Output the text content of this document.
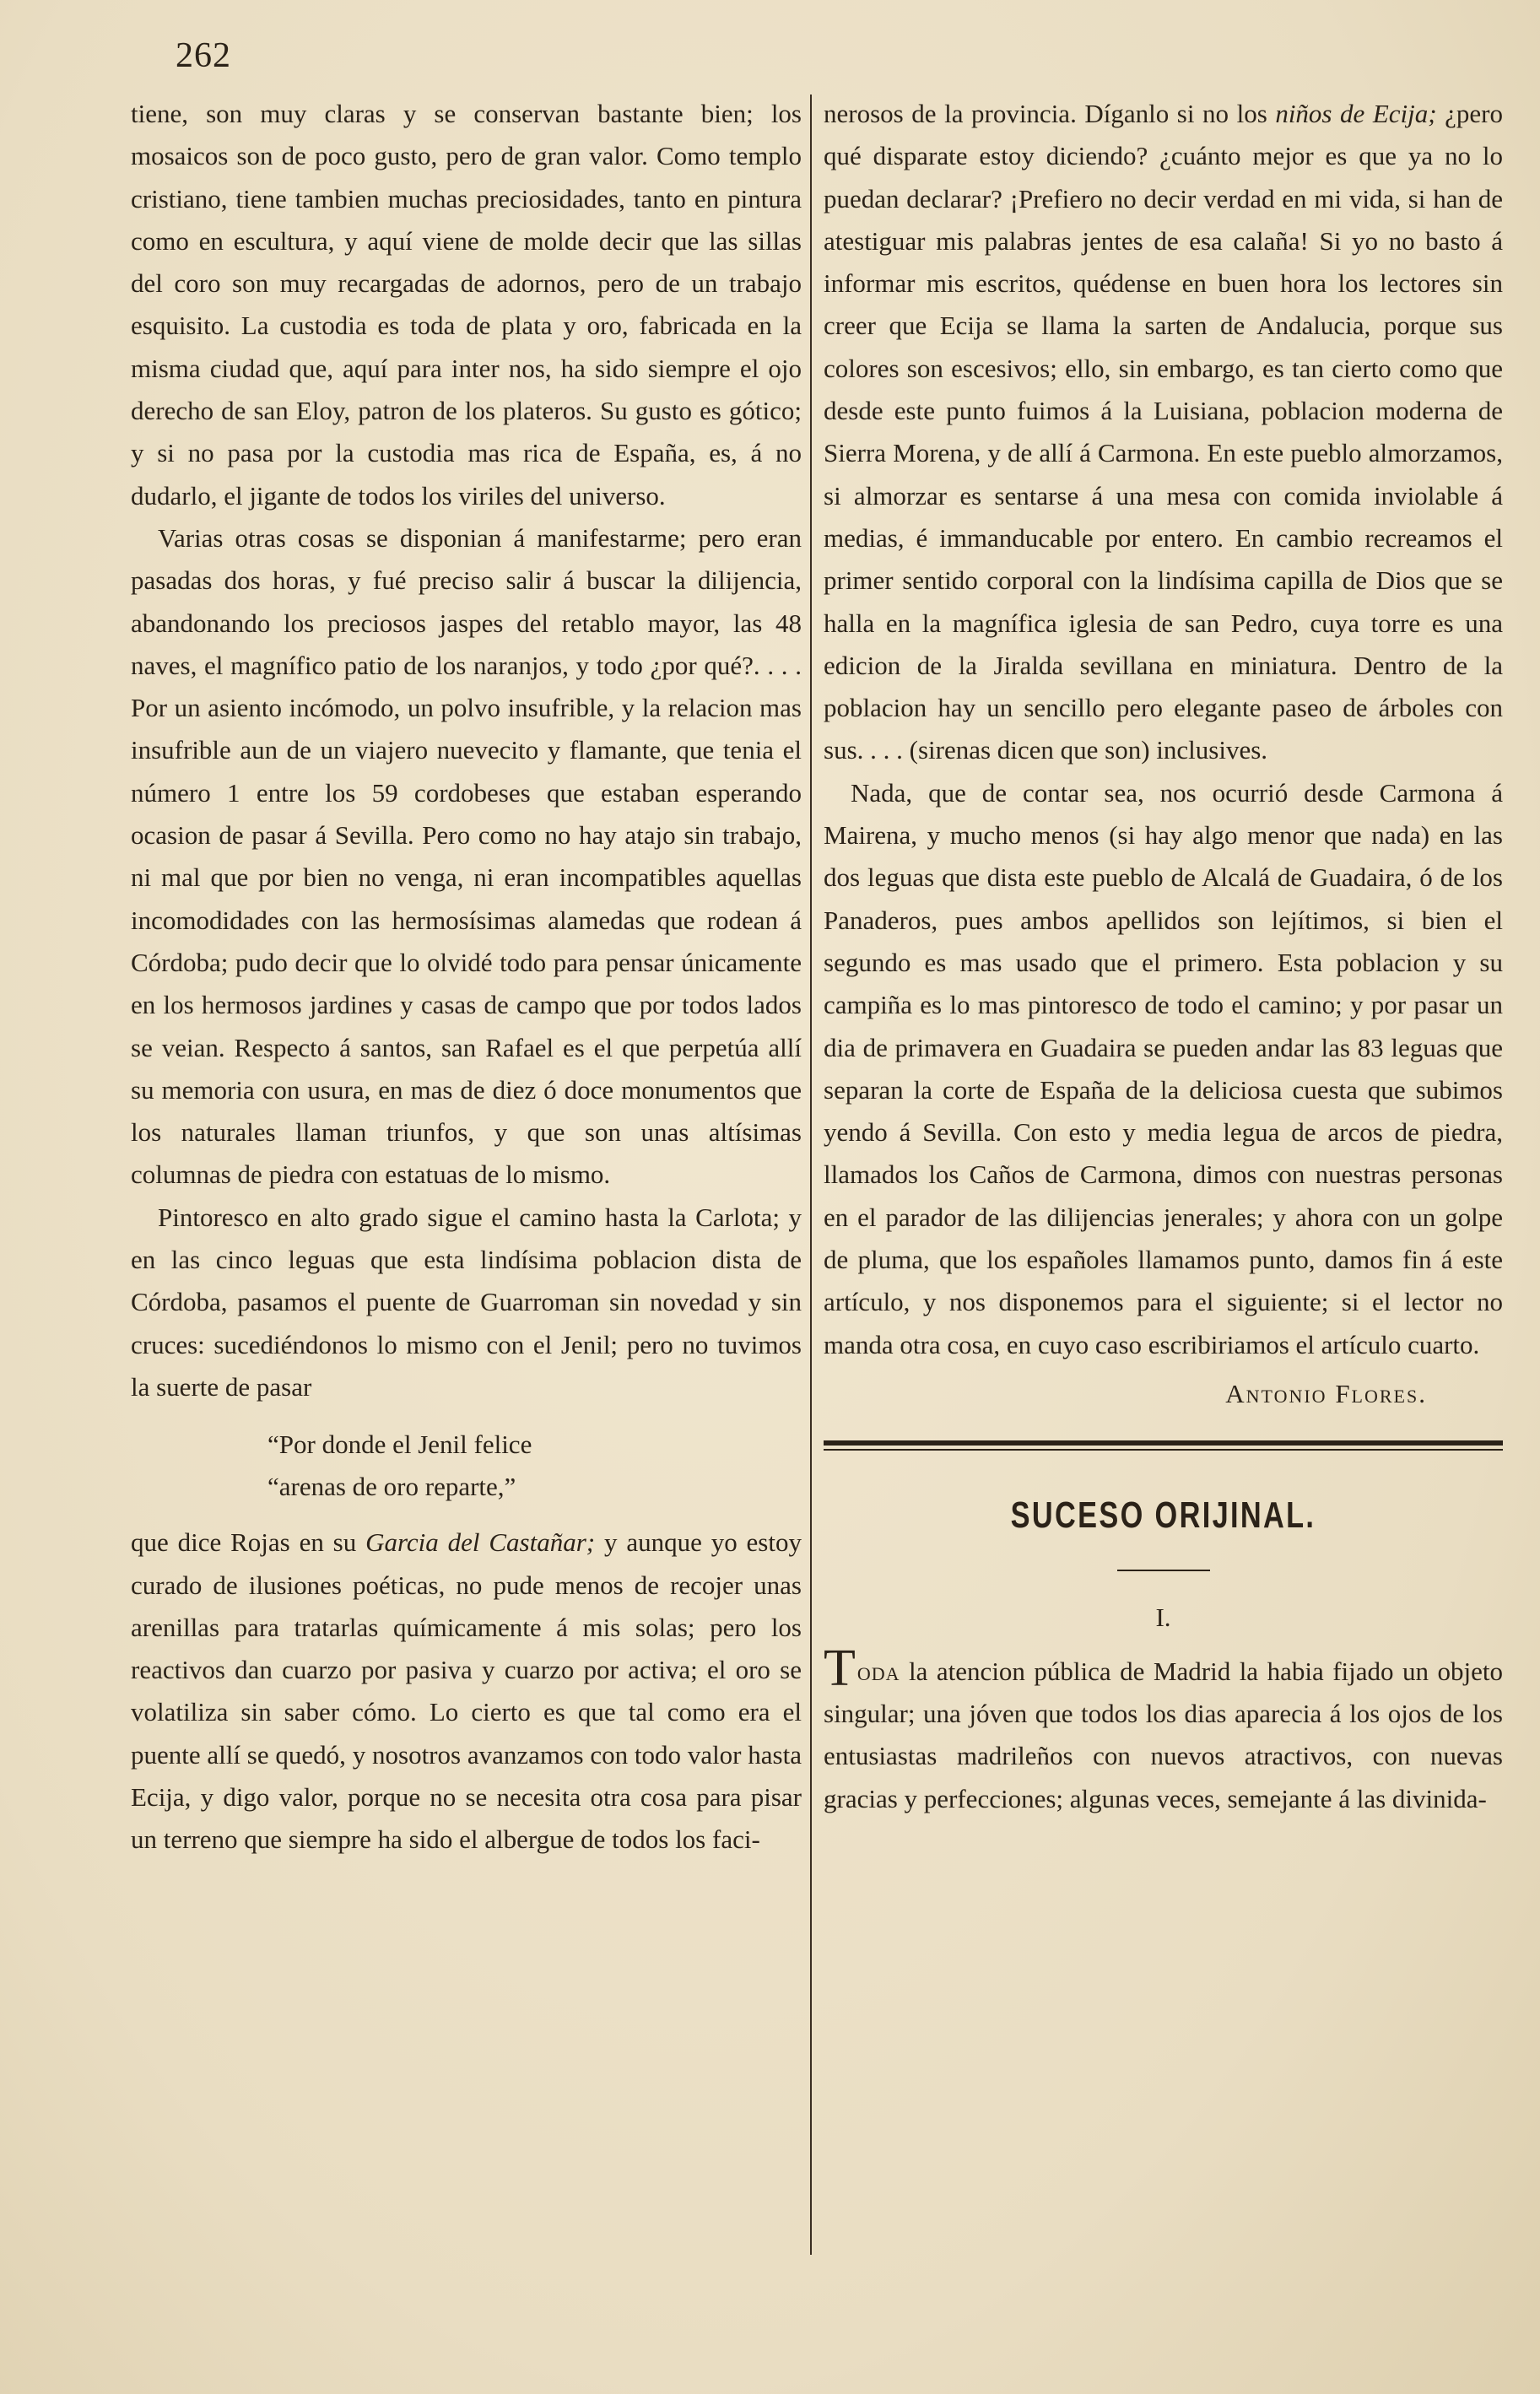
262

tiene, son muy claras y se conservan bastante bien; los mosaicos son de poco gusto, pero de gran valor. Como templo cristiano, tiene tambien muchas preciosidades, tanto en pintura como en escultura, y aquí viene de molde decir que las sillas del coro son muy recargadas de adornos, pero de un trabajo esquisito. La custodia es toda de plata y oro, fabricada en la misma ciudad que, aquí para inter nos, ha sido siempre el ojo derecho de san Eloy, patron de los plateros. Su gusto es gótico; y si no pasa por la custodia mas rica de España, es, á no dudarlo, el jigante de todos los viriles del universo.

Varias otras cosas se disponian á manifestarme; pero eran pasadas dos horas, y fué preciso salir á buscar la dilijencia, abandonando los preciosos jaspes del retablo mayor, las 48 naves, el magnífico patio de los naranjos, y todo ¿por qué?. . . . Por un asiento incómodo, un polvo insufrible, y la relacion mas insufrible aun de un viajero nuevecito y flamante, que tenia el número 1 entre los 59 cordobeses que estaban esperando ocasion de pasar á Sevilla. Pero como no hay atajo sin trabajo, ni mal que por bien no venga, ni eran incompatibles aquellas incomodidades con las hermosísimas alamedas que rodean á Córdoba; pudo decir que lo olvidé todo para pensar únicamente en los hermosos jardines y casas de campo que por todos lados se veian. Respecto á santos, san Rafael es el que perpetúa allí su memoria con usura, en mas de diez ó doce monumentos que los naturales llaman triunfos, y que son unas altísimas columnas de piedra con estatuas de lo mismo.

Pintoresco en alto grado sigue el camino hasta la Carlota; y en las cinco leguas que esta lindísima poblacion dista de Córdoba, pasamos el puente de Guarroman sin novedad y sin cruces: sucediéndonos lo mismo con el Jenil; pero no tuvimos la suerte de pasar

“Por donde el Jenil felice
“arenas de oro reparte,”

que dice Rojas en su Garcia del Castañar; y aunque yo estoy curado de ilusiones poéticas, no pude menos de recojer unas arenillas para tratarlas químicamente á mis solas; pero los reactivos dan cuarzo por pasiva y cuarzo por activa; el oro se volatiliza sin saber cómo. Lo cierto es que tal como era el puente allí se quedó, y nosotros avanzamos con todo valor hasta Ecija, y digo valor, porque no se necesita otra cosa para pisar un terreno que siempre ha sido el albergue de todos los faci-

nerosos de la provincia. Díganlo si no los niños de Ecija; ¿pero qué disparate estoy diciendo? ¿cuánto mejor es que ya no lo puedan declarar? ¡Prefiero no decir verdad en mi vida, si han de atestiguar mis palabras jentes de esa calaña! Si yo no basto á informar mis escritos, quédense en buen hora los lectores sin creer que Ecija se llama la sarten de Andalucia, porque sus colores son escesivos; ello, sin embargo, es tan cierto como que desde este punto fuimos á la Luisiana, poblacion moderna de Sierra Morena, y de allí á Carmona. En este pueblo almorzamos, si almorzar es sentarse á una mesa con comida inviolable á medias, é immanducable por entero. En cambio recreamos el primer sentido corporal con la lindísima capilla de Dios que se halla en la magnífica iglesia de san Pedro, cuya torre es una edicion de la Jiralda sevillana en miniatura. Dentro de la poblacion hay un sencillo pero elegante paseo de árboles con sus. . . . (sirenas dicen que son) inclusives.

Nada, que de contar sea, nos ocurrió desde Carmona á Mairena, y mucho menos (si hay algo menor que nada) en las dos leguas que dista este pueblo de Alcalá de Guadaira, ó de los Panaderos, pues ambos apellidos son lejítimos, si bien el segundo es mas usado que el primero. Esta poblacion y su campiña es lo mas pintoresco de todo el camino; y por pasar un dia de primavera en Guadaira se pueden andar las 83 leguas que separan la corte de España de la deliciosa cuesta que subimos yendo á Sevilla. Con esto y media legua de arcos de piedra, llamados los Caños de Carmona, dimos con nuestras personas en el parador de las dilijencias jenerales; y ahora con un golpe de pluma, que los españoles llamamos punto, damos fin á este artículo, y nos disponemos para el siguiente; si el lector no manda otra cosa, en cuyo caso escribiriamos el artículo cuarto.

Antonio Flores.

SUCESO ORIJINAL.

I.

Toda la atencion pública de Madrid la habia fijado un objeto singular; una jóven que todos los dias aparecia á los ojos de los entusiastas madrileños con nuevos atractivos, con nuevas gracias y perfecciones; algunas veces, semejante á las divinida-
